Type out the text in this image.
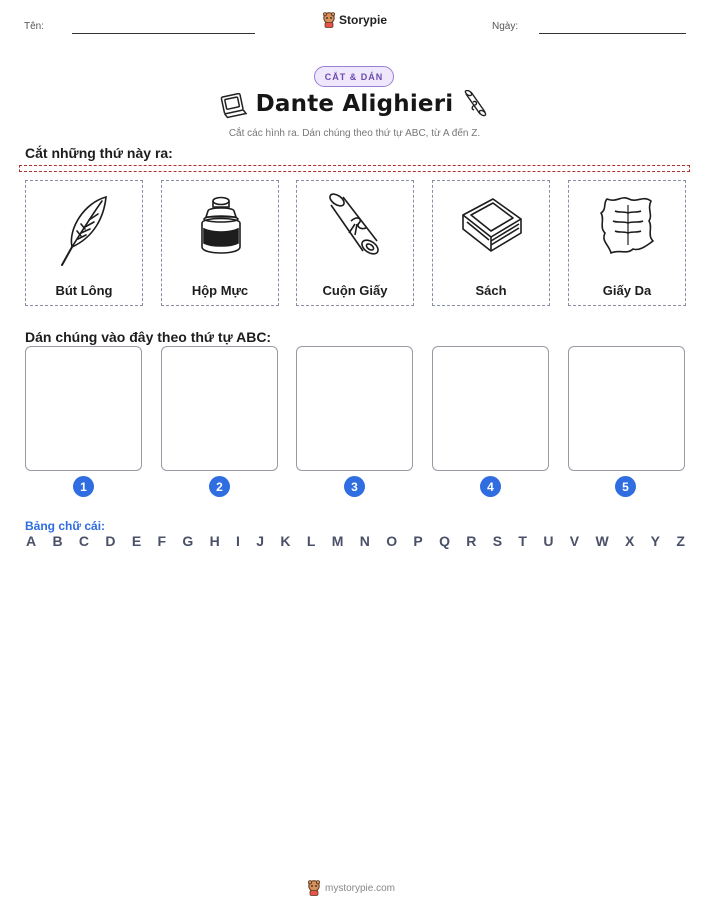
Tên:	Storypie	Ngày:
CẮT & DÁN
Dante Alighieri
Cắt các hình ra. Dán chúng theo thứ tự ABC, từ A đến Z.
Cắt những thứ này ra:
Bút Lông	Hộp Mực	Cuộn Giấy	Sách	Giấy Da
Dán chúng vào đây theo thứ tự ABC:
1	2	3	4	5
Bảng chữ cái:
A B C D E F G H I J K L M N O P Q R S T U V W X Y Z
mystorypie.com
